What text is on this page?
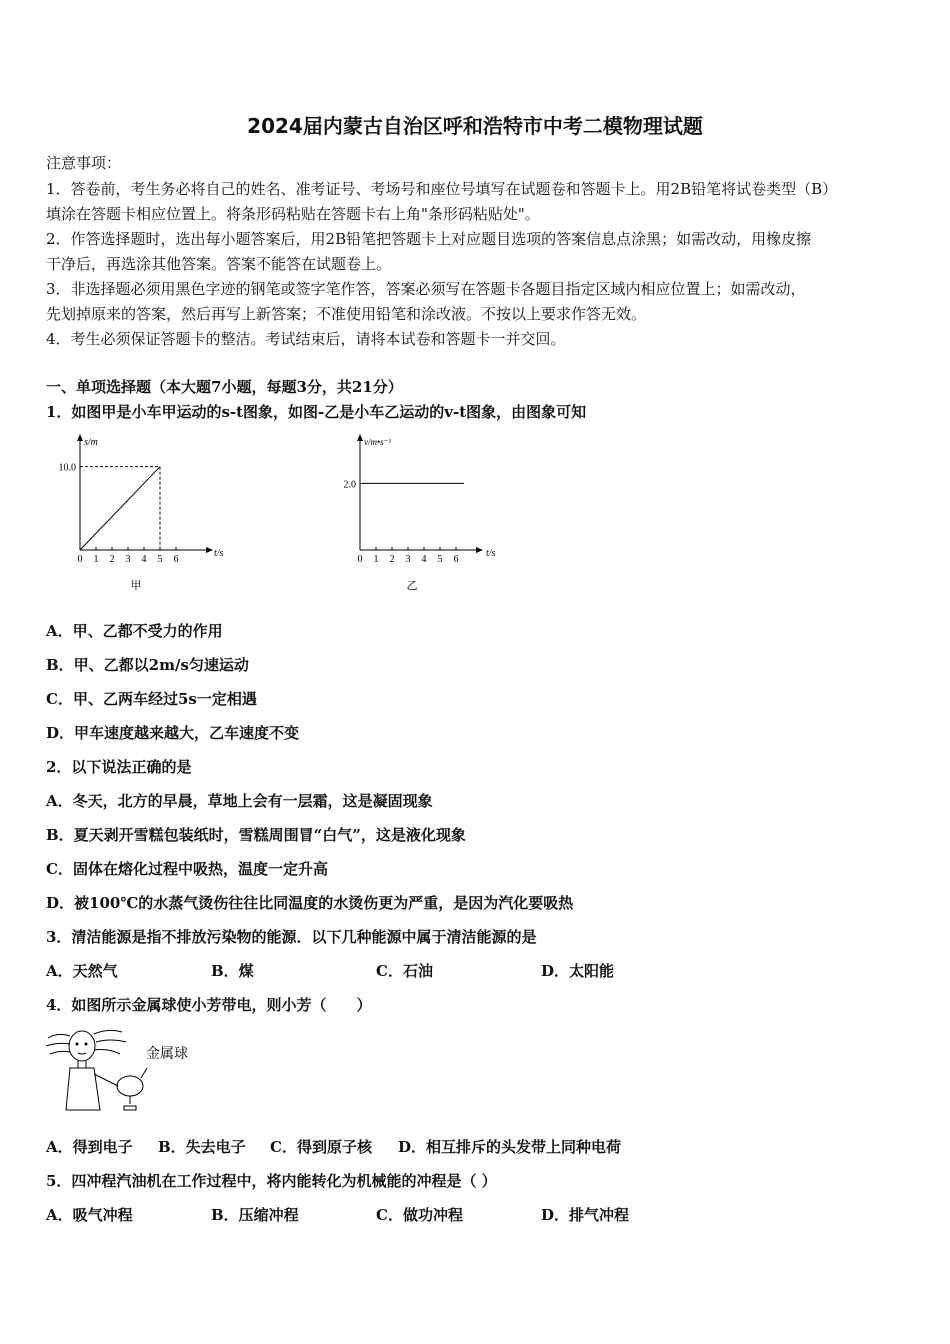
2024届内蒙古自治区呼和浩特市中考二模物理试题
注意事项：
1．答卷前，考生务必将自己的姓名、准考证号、考场号和座位号填写在试题卷和答题卡上。用2B铅笔将试卷类型（B）
填涂在答题卡相应位置上。将条形码粘贴在答题卡右上角"条形码粘贴处"。
2．作答选择题时，选出每小题答案后，用2B铅笔把答题卡上对应题目选项的答案信息点涂黑；如需改动，用橡皮擦
干净后，再选涂其他答案。答案不能答在试题卷上。
3．非选择题必须用黑色字迹的钢笔或签字笔作答，答案必须写在答题卡各题目指定区域内相应位置上；如需改动，
先划掉原来的答案，然后再写上新答案；不准使用铅笔和涂改液。不按以上要求作答无效。
4．考生必须保证答题卡的整洁。考试结束后，请将本试卷和答题卡一并交回。
一、单项选择题（本大题7小题，每题3分，共21分）
1．如图甲是小车甲运动的s-t图象，如图-乙是小车乙运动的v-t图象，由图象可知
s/m
10.0
0 1 2 3 4 5 6
t/s
甲
v/m•s⁻¹
2.0
0 1 2 3 4 5 6
t/s
乙
A．甲、乙都不受力的作用
B．甲、乙都以2m/s匀速运动
C．甲、乙两车经过5s一定相遇
D．甲车速度越来越大，乙车速度不变
2．以下说法正确的是
A．冬天，北方的早晨，草地上会有一层霜，这是凝固现象
B．夏天剥开雪糕包装纸时，雪糕周围冒“白气”，这是液化现象
C．固体在熔化过程中吸热，温度一定升高
D．被100℃的水蒸气烫伤往往比同温度的水烫伤更为严重，是因为汽化要吸热
3．清洁能源是指不排放污染物的能源．以下几种能源中属于清洁能源的是
A．天然气	B．煤	C．石油	D．太阳能
4．如图所示金属球使小芳带电，则小芳（　　）
金属球
A．得到电子 B．失去电子 C．得到原子核 D．相互排斥的头发带上同种电荷
5．四冲程汽油机在工作过程中，将内能转化为机械能的冲程是（ ）
A．吸气冲程	B．压缩冲程	C．做功冲程	D．排气冲程
